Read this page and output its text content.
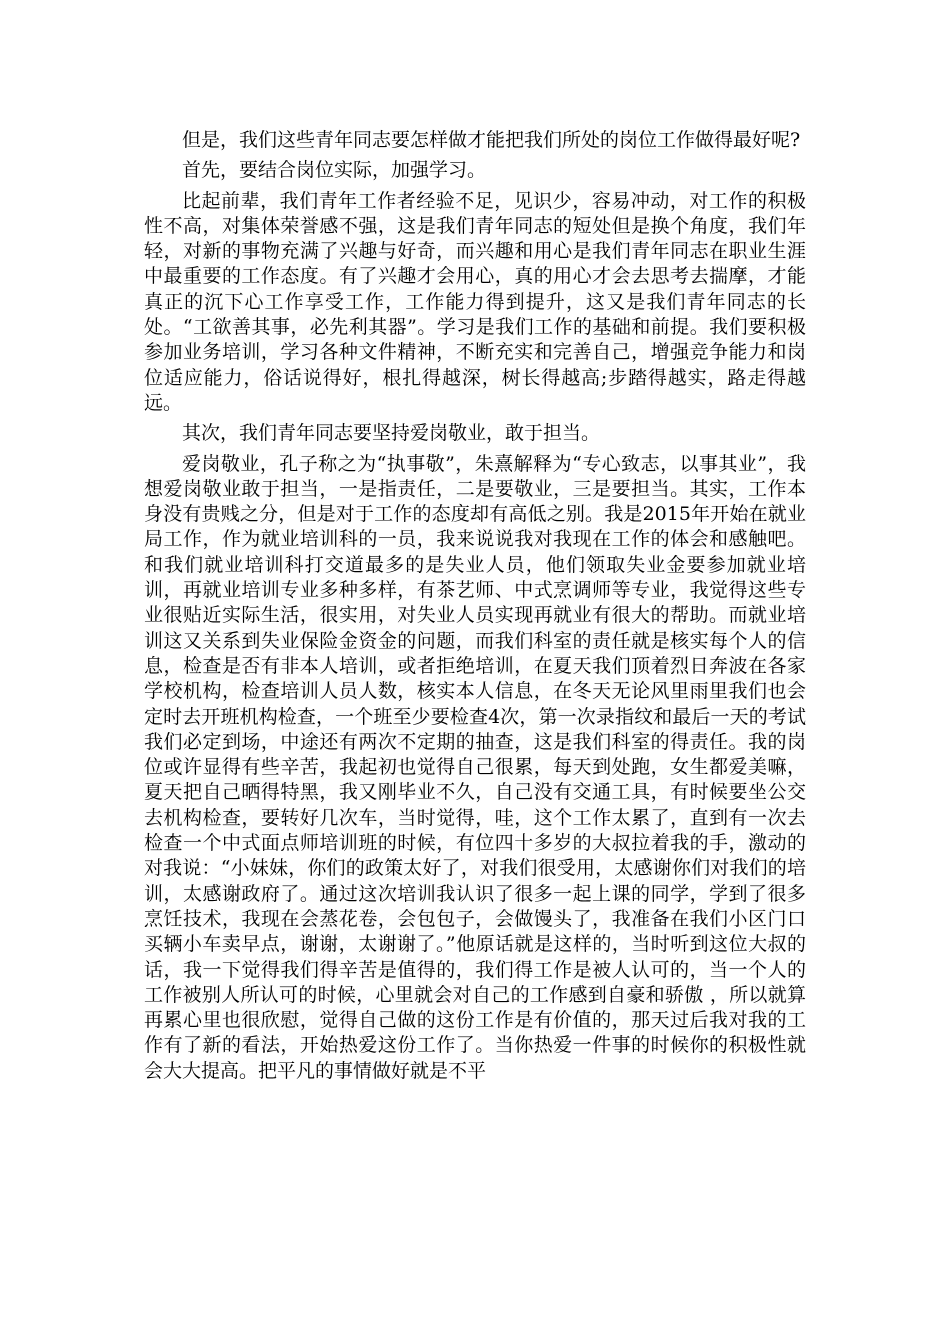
但是，我们这些青年同志要怎样做才能把我们所处的岗位工作做得最好呢?

首先，要结合岗位实际，加强学习。

比起前辈，我们青年工作者经验不足，见识少，容易冲动，对工作的积极性不高，对集体荣誉感不强，这是我们青年同志的短处但是换个角度，我们年轻，对新的事物充满了兴趣与好奇，而兴趣和用心是我们青年同志在职业生涯中最重要的工作态度。有了兴趣才会用心，真的用心才会去思考去揣摩，才能真正的沉下心工作享受工作，工作能力得到提升，这又是我们青年同志的长处。“工欲善其事，必先利其器”。学习是我们工作的基础和前提。我们要积极参加业务培训，学习各种文件精神，不断充实和完善自己，增强竞争能力和岗位适应能力，俗话说得好，根扎得越深，树长得越高;步踏得越实，路走得越远。

其次，我们青年同志要坚持爱岗敬业，敢于担当。

爱岗敬业，孔子称之为“执事敬”，朱熹解释为“专心致志，以事其业”，我想爱岗敬业敢于担当，一是指责任，二是要敬业，三是要担当。其实，工作本身没有贵贱之分，但是对于工作的态度却有高低之别。我是2015年开始在就业局工作，作为就业培训科的一员，我来说说我对我现在工作的体会和感触吧。和我们就业培训科打交道最多的是失业人员，他们领取失业金要参加就业培训，再就业培训专业多种多样，有茶艺师、中式烹调师等专业，我觉得这些专业很贴近实际生活，很实用，对失业人员实现再就业有很大的帮助。而就业培训这又关系到失业保险金资金的问题，而我们科室的责任就是核实每个人的信息，检查是否有非本人培训，或者拒绝培训，在夏天我们顶着烈日奔波在各家学校机构，检查培训人员人数，核实本人信息，在冬天无论风里雨里我们也会定时去开班机构检查，一个班至少要检查4次，第一次录指纹和最后一天的考试我们必定到场，中途还有两次不定期的抽查，这是我们科室的得责任。我的岗位或许显得有些辛苦，我起初也觉得自己很累，每天到处跑，女生都爱美嘛，夏天把自己晒得特黑，我又刚毕业不久，自己没有交通工具，有时候要坐公交去机构检查，要转好几次车，当时觉得，哇，这个工作太累了，直到有一次去检查一个中式面点师培训班的时候，有位四十多岁的大叔拉着我的手，激动的对我说：“小妹妹，你们的政策太好了，对我们很受用，太感谢你们对我们的培训，太感谢政府了。通过这次培训我认识了很多一起上课的同学，学到了很多烹饪技术，我现在会蒸花卷，会包包子，会做馒头了，我准备在我们小区门口买辆小车卖早点，谢谢，太谢谢了。”他原话就是这样的，当时听到这位大叔的话，我一下觉得我们得辛苦是值得的，我们得工作是被人认可的，当一个人的工作被别人所认可的时候，心里就会对自己的工作感到自豪和骄傲 ，所以就算再累心里也很欣慰，觉得自己做的这份工作是有价值的，那天过后我对我的工作有了新的看法，开始热爱这份工作了。当你热爱一件事的时候你的积极性就会大大提高。把平凡的事情做好就是不平
